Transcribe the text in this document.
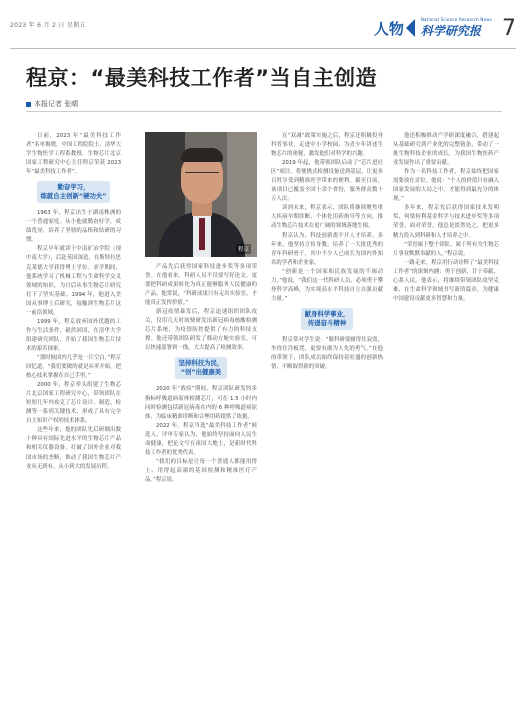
2023 年 6 月 2 日 星期五	人物	National Science Research News
科学研究报 7
程京：“最美科技工作者”当自主创造
本报记者 张晴

日前，2023 年“最美科技工作者”名单揭晓，中国工程院院士、清华大学生物医学工程系教授、生物芯片北京国家工程研究中心主任程京荣获 2023 年“最美科技工作者”。

勤奋学习，
练就自主创新“硬功夫”

1963 年，程京出生于湖南株洲的一个普通家庭。从小他就勤奋好学，成绩优异，培养了坚韧的品格和钻研的习惯。

程京早年就读于中南矿冶学院（现中南大学），后赴英国深造，在斯特拉思克莱德大学获得博士学位。求学期间，他系统学习了机械工程与生命科学交叉领域的知识，为日后从事生物芯片研究打下了坚实基础。1994 年，他进入美国从事博士后研究，接触到生物芯片这一前沿领域。

1999 年，程京放弃国外优越的工作与生活条件，毅然回国，在清华大学组建研究团队，开始了我国生物芯片技术的艰苦探索。

“那时候国内几乎是一片空白，”程京回忆道，“我们要做的就是从零开始，把核心技术掌握在自己手里。”

2000 年，程京牵头组建了生物芯片北京国家工程研究中心，带领团队在短短几年内攻克了芯片设计、制造、检测等一系列关键技术，形成了具有完全自主知识产权的技术体系。

这些年来，他的团队先后研制出数十种具有国际先进水平的生物芯片产品和相关仪器设备，打破了国外企业对我国市场的垄断，推动了我国生物芯片产业从无到有、从小到大的发展历程。

程京

产品先后获得国家科技进步奖等多项荣誉。在他看来，科研人员不仅要写好论文，更要把科研成果转化为真正能够服务人民健康的产品。他常说，“科研成果只有走出实验室，才能真正发挥价值。”

新冠疫情暴发后，程京迅速组织团队攻关，仅用几天时间便研发出新冠病毒核酸检测芯片系统，为疫情防控提供了有力的科技支撑。他还带领团队研发了移动方舱实验室，可以快速部署到一线，大大提高了检测效率。

坚持科技为民，
“创”出健康美

2020 年“战疫”期间，程京团队研发的多指标呼吸道病原体检测芯片，可在 1.5 小时内同时检测包括新冠病毒在内的 6 种呼吸道病原体，为临床精准诊断和合理用药提供了依据。

2022 年，程京当选“最美科技工作者”候选人。评审专家认为，他始终坚持面向人民生命健康，把论文写在祖国大地上，是新时代科技工作者的优秀代表。

“我们的目标是让每一个普通人都能用得上、用得起高端的基因检测和精准医疗产品。”程京说。

在“双减”政策实施之后，程京还积极投身科普事业，走进中小学校园，为青少年讲述生物芯片的奥秘，激发他们对科学的兴趣。

2019 年起，他带领团队启动了“芯片进社区”项目，将便携式检测设备送到基层，让更多百姓享受到精准医学带来的便利。截至目前，该项目已覆盖全国十余个省份，服务群众数十万人次。

谈到未来，程京表示，团队将继续聚焦重大疾病早期诊断、个体化用药指导等方向，推动生物芯片技术在更广阔的领域落地生根。

程京认为，科技创新离不开人才培养。多年来，他坚持言传身教，培养了一大批优秀的青年科研骨干，其中不少人已成长为国内外知名的学者和企业家。

“创新是一个国家和民族发展的不竭动力，”他说，“我们这一代科研人员，必须勇于攀登科学高峰，为实现高水平科技自立自强贡献力量。”

献身科学事业，
传递奋斗精神

程京常对学生说：“做科研要耐得住寂寞，坐得住冷板凳，更要有敢为人先的勇气。”在他的带领下，团队成员始终保持着旺盛的创新热情，不断取得新的突破。

他还积极推动产学研深度融合，搭建起从基础研究到产业化的完整链条，带动了一批生物科技企业的成长，为我国生物医药产业发展作出了重要贡献。

作为一名科技工作者，程京始终把国家需要放在首位。他说：“个人的价值只有融入国家发展的大局之中，才能得到最充分的体现。”

多年来，程京先后获得国家技术发明奖、何梁何利基金科学与技术进步奖等多项荣誉。面对荣誉，他总是淡然处之，把更多精力投入到科研和人才培养之中。

“荣誉属于整个团队，属于所有为生物芯片事业默默奉献的人。”程京说。

一路走来，程京用行动诠释了“最美科技工作者”的深刻内涵：勇于创新、甘于奉献、心系人民。他表示，将继续带领团队攻坚克难，在生命科学领域书写新的篇章，为健康中国建设贡献更多智慧和力量。
